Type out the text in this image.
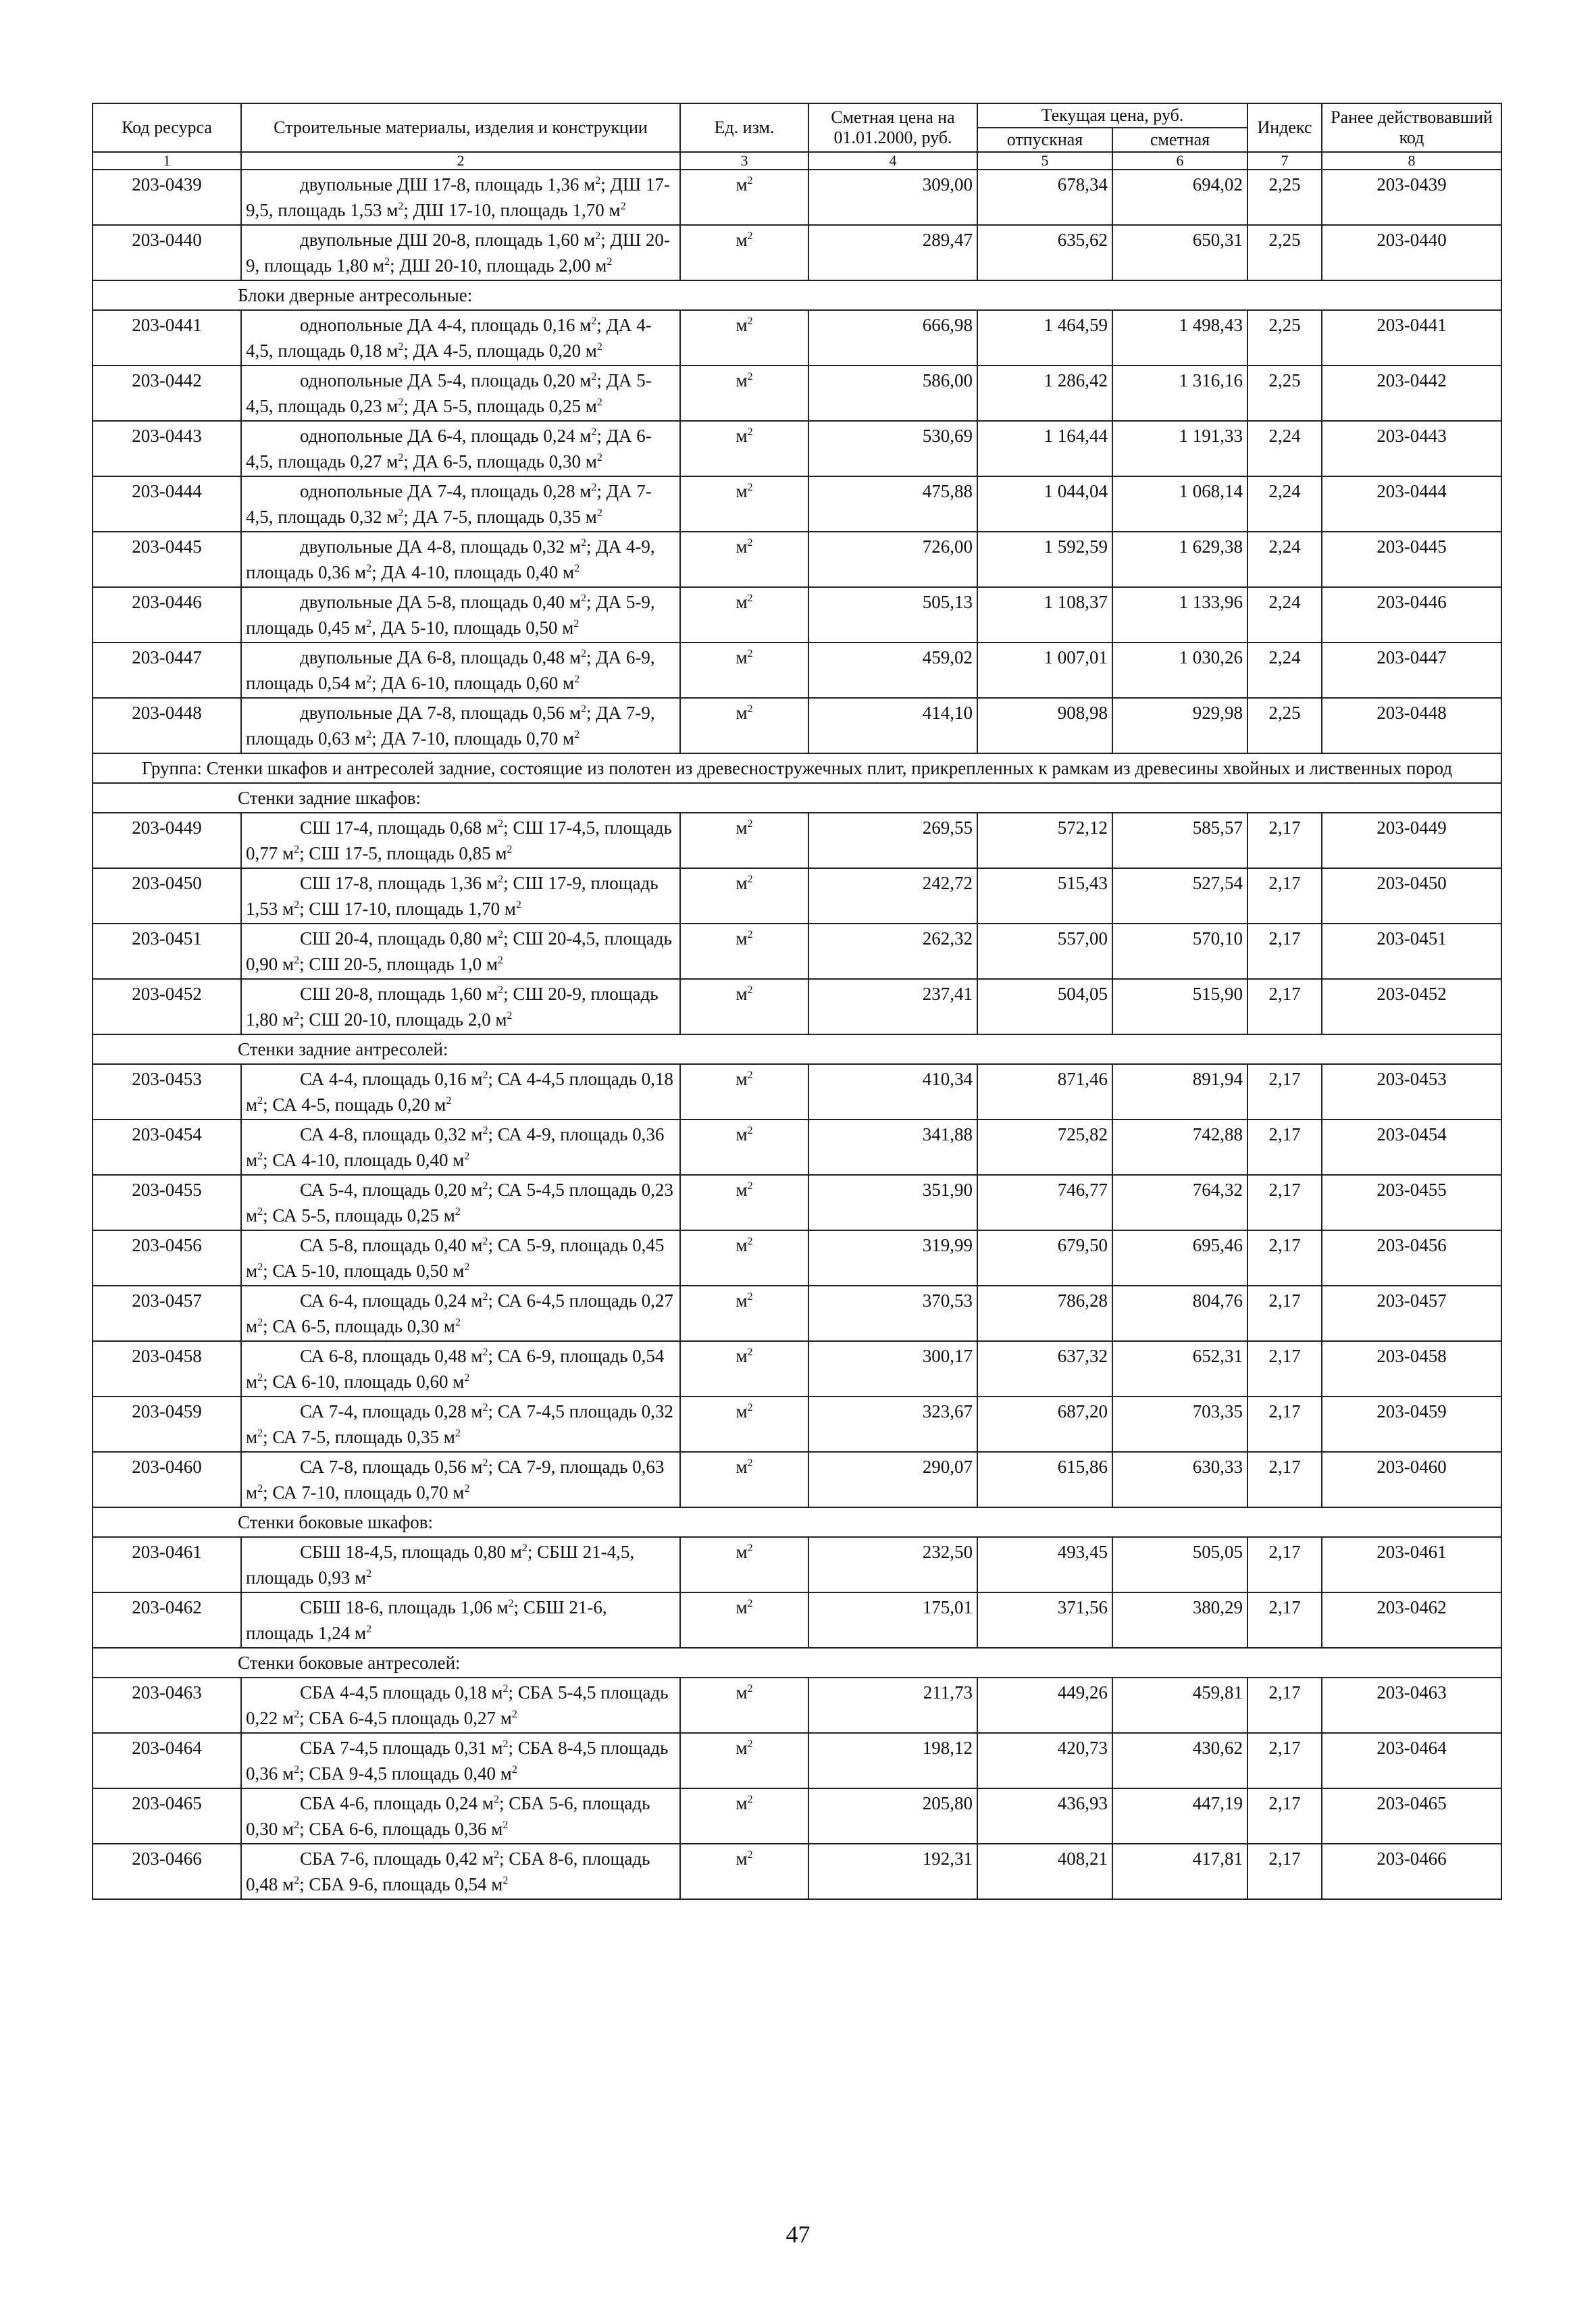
Код ресурса	Строительные материалы, изделия и конструкции	Ед. изм.	Сметная цена на 01.01.2000, руб.	Текущая цена, руб.		Индекс	Ранее действовавший код
				отпускная	сметная		
1	2	3	4	5	6	7	8
203-0439	двупольные ДШ 17-8, площадь 1,36 $м^2$; ДШ 17-9,5, площадь 1,53 $м^2$; ДШ 17-10, площадь 1,70 $м^2$	$м^2$	309,00	678,34	694,02	2,25	203-0439
203-0440	двупольные ДШ 20-8, площадь 1,60 $м^2$; ДШ 20-9, площадь 1,80 $м^2$; ДШ 20-10, площадь 2,00 $м^2$	$м^2$	289,47	635,62	650,31	2,25	203-0440
Блоки дверные антресольные:							
203-0441	однопольные ДА 4-4, площадь 0,16 $м^2$; ДА 4-4,5, площадь 0,18 $м^2$; ДА 4-5, площадь 0,20 $м^2$	$м^2$	666,98	1 464,59	1 498,43	2,25	203-0441
203-0442	однопольные ДА 5-4, площадь 0,20 $м^2$; ДА 5-4,5, площадь 0,23 $м^2$; ДА 5-5, площадь 0,25 $м^2$	$м^2$	586,00	1 286,42	1 316,16	2,25	203-0442
203-0443	однопольные ДА 6-4, площадь 0,24 $м^2$; ДА 6-4,5, площадь 0,27 $м^2$; ДА 6-5, площадь 0,30 $м^2$	$м^2$	530,69	1 164,44	1 191,33	2,24	203-0443
203-0444	однопольные ДА 7-4, площадь 0,28 $м^2$; ДА 7-4,5, площадь 0,32 $м^2$; ДА 7-5, площадь 0,35 $м^2$	$м^2$	475,88	1 044,04	1 068,14	2,24	203-0444
203-0445	двупольные ДА 4-8, площадь 0,32 $м^2$; ДА 4-9, площадь 0,36 $м^2$; ДА 4-10, площадь 0,40 $м^2$	$м^2$	726,00	1 592,59	1 629,38	2,24	203-0445
203-0446	двупольные ДА 5-8, площадь 0,40 $м^2$; ДА 5-9, площадь 0,45 $м^2$, ДА 5-10, площадь 0,50 $м^2$	$м^2$	505,13	1 108,37	1 133,96	2,24	203-0446
203-0447	двупольные ДА 6-8, площадь 0,48 $м^2$; ДА 6-9, площадь 0,54 $м^2$; ДА 6-10, площадь 0,60 $м^2$	$м^2$	459,02	1 007,01	1 030,26	2,24	203-0447
203-0448	двупольные ДА 7-8, площадь 0,56 $м^2$; ДА 7-9, площадь 0,63 $м^2$; ДА 7-10, площадь 0,70 $м^2$	$м^2$	414,10	908,98	929,98	2,25	203-0448
Группа: Стенки шкафов и антресолей задние, состоящие из полотен из древесностружечных плит, прикрепленных к рамкам из древесины хвойных и лиственных пород							
Стенки задние шкафов:							
203-0449	СШ 17-4, площадь 0,68 $м^2$; СШ 17-4,5, площадь 0,77 $м^2$; СШ 17-5, площадь 0,85 $м^2$	$м^2$	269,55	572,12	585,57	2,17	203-0449
203-0450	СШ 17-8, площадь 1,36 $м^2$; СШ 17-9, площадь 1,53 $м^2$; СШ 17-10, площадь 1,70 $м^2$	$м^2$	242,72	515,43	527,54	2,17	203-0450
203-0451	СШ 20-4, площадь 0,80 $м^2$; СШ 20-4,5, площадь 0,90 $м^2$; СШ 20-5, площадь 1,0 $м^2$	$м^2$	262,32	557,00	570,10	2,17	203-0451
203-0452	СШ 20-8, площадь 1,60 $м^2$; СШ 20-9, площадь 1,80 $м^2$; СШ 20-10, площадь 2,0 $м^2$	$м^2$	237,41	504,05	515,90	2,17	203-0452
Стенки задние антресолей:							
203-0453	СА 4-4, площадь 0,16 $м^2$; СА 4-4,5 площадь 0,18 $м^2$; СА 4-5, пощадь 0,20 $м^2$	$м^2$	410,34	871,46	891,94	2,17	203-0453
203-0454	СА 4-8, площадь 0,32 $м^2$; СА 4-9, площадь 0,36 $м^2$; СА 4-10, площадь 0,40 $м^2$	$м^2$	341,88	725,82	742,88	2,17	203-0454
203-0455	СА 5-4, площадь 0,20 $м^2$; СА 5-4,5 площадь 0,23 $м^2$; СА 5-5, площадь 0,25 $м^2$	$м^2$	351,90	746,77	764,32	2,17	203-0455
203-0456	СА 5-8, площадь 0,40 $м^2$; СА 5-9, площадь 0,45 $м^2$; СА 5-10, площадь 0,50 $м^2$	$м^2$	319,99	679,50	695,46	2,17	203-0456
203-0457	СА 6-4, площадь 0,24 $м^2$; СА 6-4,5 площадь 0,27 $м^2$; СА 6-5, площадь 0,30 $м^2$	$м^2$	370,53	786,28	804,76	2,17	203-0457
203-0458	СА 6-8, площадь 0,48 $м^2$; СА 6-9, площадь 0,54 $м^2$; СА 6-10, площадь 0,60 $м^2$	$м^2$	300,17	637,32	652,31	2,17	203-0458
203-0459	СА 7-4, площадь 0,28 $м^2$; СА 7-4,5 площадь 0,32 $м^2$; СА 7-5, площадь 0,35 $м^2$	$м^2$	323,67	687,20	703,35	2,17	203-0459
203-0460	СА 7-8, площадь 0,56 $м^2$; СА 7-9, площадь 0,63 $м^2$; СА 7-10, площадь 0,70 $м^2$	$м^2$	290,07	615,86	630,33	2,17	203-0460
Стенки боковые шкафов:							
203-0461	СБШ 18-4,5, площадь 0,80 $м^2$; СБШ 21-4,5, площадь 0,93 $м^2$	$м^2$	232,50	493,45	505,05	2,17	203-0461
203-0462	СБШ 18-6, площадь 1,06 $м^2$; СБШ 21-6, площадь 1,24 $м^2$	$м^2$	175,01	371,56	380,29	2,17	203-0462
Стенки боковые антресолей:							
203-0463	СБА 4-4,5 площадь 0,18 $м^2$; СБА 5-4,5 площадь 0,22 $м^2$; СБА 6-4,5 площадь 0,27 $м^2$	$м^2$	211,73	449,26	459,81	2,17	203-0463
203-0464	СБА 7-4,5 площадь 0,31 $м^2$; СБА 8-4,5 площадь 0,36 $м^2$; СБА 9-4,5 площадь 0,40 $м^2$	$м^2$	198,12	420,73	430,62	2,17	203-0464
203-0465	СБА 4-6, площадь 0,24 $м^2$; СБА 5-6, площадь 0,30 $м^2$; СБА 6-6, площадь 0,36 $м^2$	$м^2$	205,80	436,93	447,19	2,17	203-0465
203-0466	СБА 7-6, площадь 0,42 $м^2$; СБА 8-6, площадь 0,48 $м^2$; СБА 9-6, площадь 0,54 $м^2$	$м^2$	192,31	408,21	417,81	2,17	203-0466
47
